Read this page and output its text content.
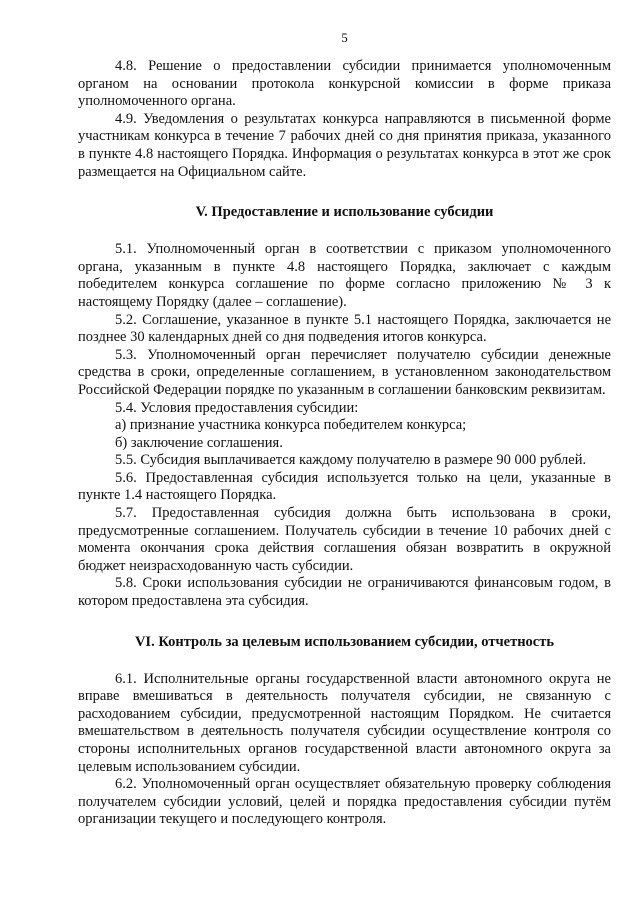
5

4.8. Решение о предоставлении субсидии принимается уполномоченным органом на основании протокола конкурсной комиссии в форме приказа уполномоченного органа.

4.9. Уведомления о результатах конкурса направляются в письменной форме участникам конкурса в течение 7 рабочих дней со дня принятия приказа, указанного в пункте 4.8 настоящего Порядка. Информация о результатах конкурса в этот же срок размещается на Официальном сайте.

V. Предоставление и использование субсидии

5.1. Уполномоченный орган в соответствии с приказом уполномоченного органа, указанным в пункте 4.8 настоящего Порядка, заключает с каждым победителем конкурса соглашение по форме согласно приложению № 3 к настоящему Порядку (далее – соглашение).

5.2. Соглашение, указанное в пункте 5.1 настоящего Порядка, заключается не позднее 30 календарных дней со дня подведения итогов конкурса.

5.3. Уполномоченный орган перечисляет получателю субсидии денежные средства в сроки, определенные соглашением, в установленном законодательством Российской Федерации порядке по указанным в соглашении банковским реквизитам.

5.4. Условия предоставления субсидии:

а) признание участника конкурса победителем конкурса;

б) заключение соглашения.

5.5. Субсидия выплачивается каждому получателю в размере 90 000 рублей.

5.6. Предоставленная субсидия используется только на цели, указанные в пункте 1.4 настоящего Порядка.

5.7. Предоставленная субсидия должна быть использована в сроки, предусмотренные соглашением. Получатель субсидии в течение 10 рабочих дней с момента окончания срока действия соглашения обязан возвратить в окружной бюджет неизрасходованную часть субсидии.

5.8. Сроки использования субсидии не ограничиваются финансовым годом, в котором предоставлена эта субсидия.

VI. Контроль за целевым использованием субсидии, отчетность

6.1. Исполнительные органы государственной власти автономного округа не вправе вмешиваться в деятельность получателя субсидии, не связанную с расходованием субсидии, предусмотренной настоящим Порядком. Не считается вмешательством в деятельность получателя субсидии осуществление контроля со стороны исполнительных органов государственной власти автономного округа за целевым использованием субсидии.

6.2. Уполномоченный орган осуществляет обязательную проверку соблюдения получателем субсидии условий, целей и порядка предоставления субсидии путём организации текущего и последующего контроля.
